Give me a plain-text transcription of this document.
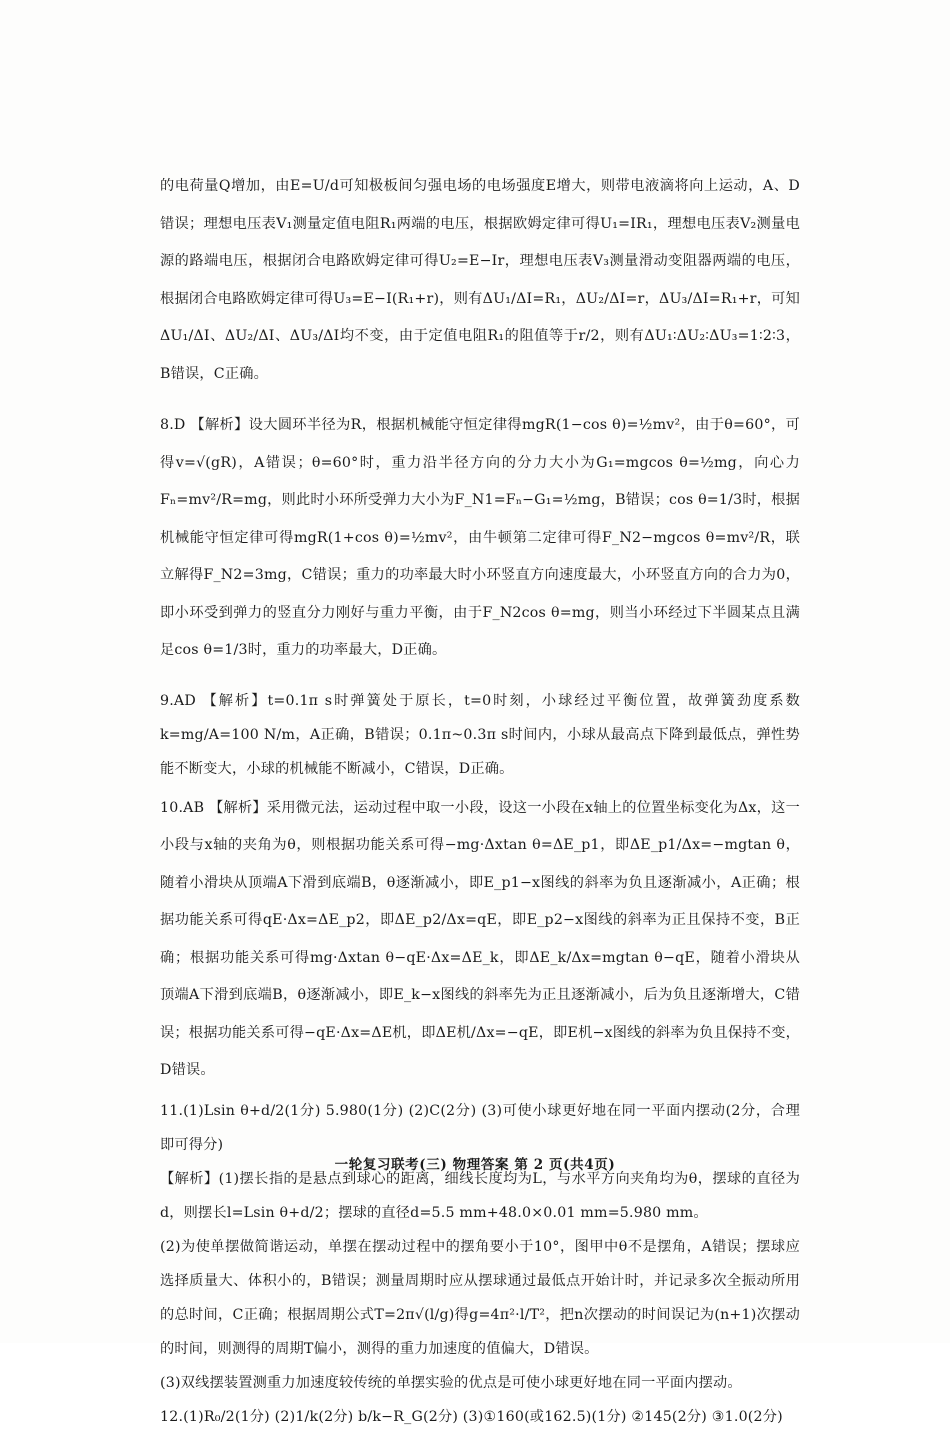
的电荷量Q增加，由E=U/d可知极板间匀强电场的电场强度E增大，则带电液滴将向上运动，A、D错误；理想电压表V₁测量定值电阻R₁两端的电压，根据欧姆定律可得U₁=IR₁，理想电压表V₂测量电源的路端电压，根据闭合电路欧姆定律可得U₂=E−Ir，理想电压表V₃测量滑动变阻器两端的电压，根据闭合电路欧姆定律可得U₃=E−I(R₁+r)，则有ΔU₁/ΔI=R₁，ΔU₂/ΔI=r，ΔU₃/ΔI=R₁+r，可知ΔU₁/ΔI、ΔU₂/ΔI、ΔU₃/ΔI均不变，由于定值电阻R₁的阻值等于r/2，则有ΔU₁∶ΔU₂∶ΔU₃=1∶2∶3，B错误，C正确。

8.D 【解析】设大圆环半径为R，根据机械能守恒定律得mgR(1−cos θ)=½mv²，由于θ=60°，可得v=√(gR)，A错误；θ=60°时，重力沿半径方向的分力大小为G₁=mgcos θ=½mg，向心力Fₙ=mv²/R=mg，则此时小环所受弹力大小为F_N1=Fₙ−G₁=½mg，B错误；cos θ=1/3时，根据机械能守恒定律可得mgR(1+cos θ)=½mv²，由牛顿第二定律可得F_N2−mgcos θ=mv²/R，联立解得F_N2=3mg，C错误；重力的功率最大时小环竖直方向速度最大，小环竖直方向的合力为0，即小环受到弹力的竖直分力刚好与重力平衡，由于F_N2cos θ=mg，则当小环经过下半圆某点且满足cos θ=1/3时，重力的功率最大，D正确。

9.AD 【解析】t=0.1π s时弹簧处于原长，t=0时刻，小球经过平衡位置，故弹簧劲度系数k=mg/A=100 N/m，A正确，B错误；0.1π~0.3π s时间内，小球从最高点下降到最低点，弹性势能不断变大，小球的机械能不断减小，C错误，D正确。

10.AB 【解析】采用微元法，运动过程中取一小段，设这一小段在x轴上的位置坐标变化为Δx，这一小段与x轴的夹角为θ，则根据功能关系可得−mg·Δxtan θ=ΔE_p1，即ΔE_p1/Δx=−mgtan θ，随着小滑块从顶端A下滑到底端B，θ逐渐减小，即E_p1−x图线的斜率为负且逐渐减小，A正确；根据功能关系可得qE·Δx=ΔE_p2，即ΔE_p2/Δx=qE，即E_p2−x图线的斜率为正且保持不变，B正确；根据功能关系可得mg·Δxtan θ−qE·Δx=ΔE_k，即ΔE_k/Δx=mgtan θ−qE，随着小滑块从顶端A下滑到底端B，θ逐渐减小，即E_k−x图线的斜率先为正且逐渐减小，后为负且逐渐增大，C错误；根据功能关系可得−qE·Δx=ΔE机，即ΔE机/Δx=−qE，即E机−x图线的斜率为负且保持不变，D错误。

11.(1)Lsin θ+d/2(1分) 5.980(1分) (2)C(2分) (3)可使小球更好地在同一平面内摆动(2分，合理即可得分)

【解析】(1)摆长指的是悬点到球心的距离，细线长度均为L，与水平方向夹角均为θ，摆球的直径为d，则摆长l=Lsin θ+d/2；摆球的直径d=5.5 mm+48.0×0.01 mm=5.980 mm。

(2)为使单摆做简谐运动，单摆在摆动过程中的摆角要小于10°，图甲中θ不是摆角，A错误；摆球应选择质量大、体积小的，B错误；测量周期时应从摆球通过最低点开始计时，并记录多次全振动所用的总时间，C正确；根据周期公式T=2π√(l/g)得g=4π²·l/T²，把n次摆动的时间误记为(n+1)次摆动的时间，则测得的周期T偏小，测得的重力加速度的值偏大，D错误。

(3)双线摆装置测重力加速度较传统的单摆实验的优点是可使小球更好地在同一平面内摆动。

12.(1)R₀/2(1分) (2)1/k(2分) b/k−R_G(2分) (3)①160(或162.5)(1分) ②145(2分) ③1.0(2分)

一轮复习联考(三) 物理答案 第 2 页(共4页)
